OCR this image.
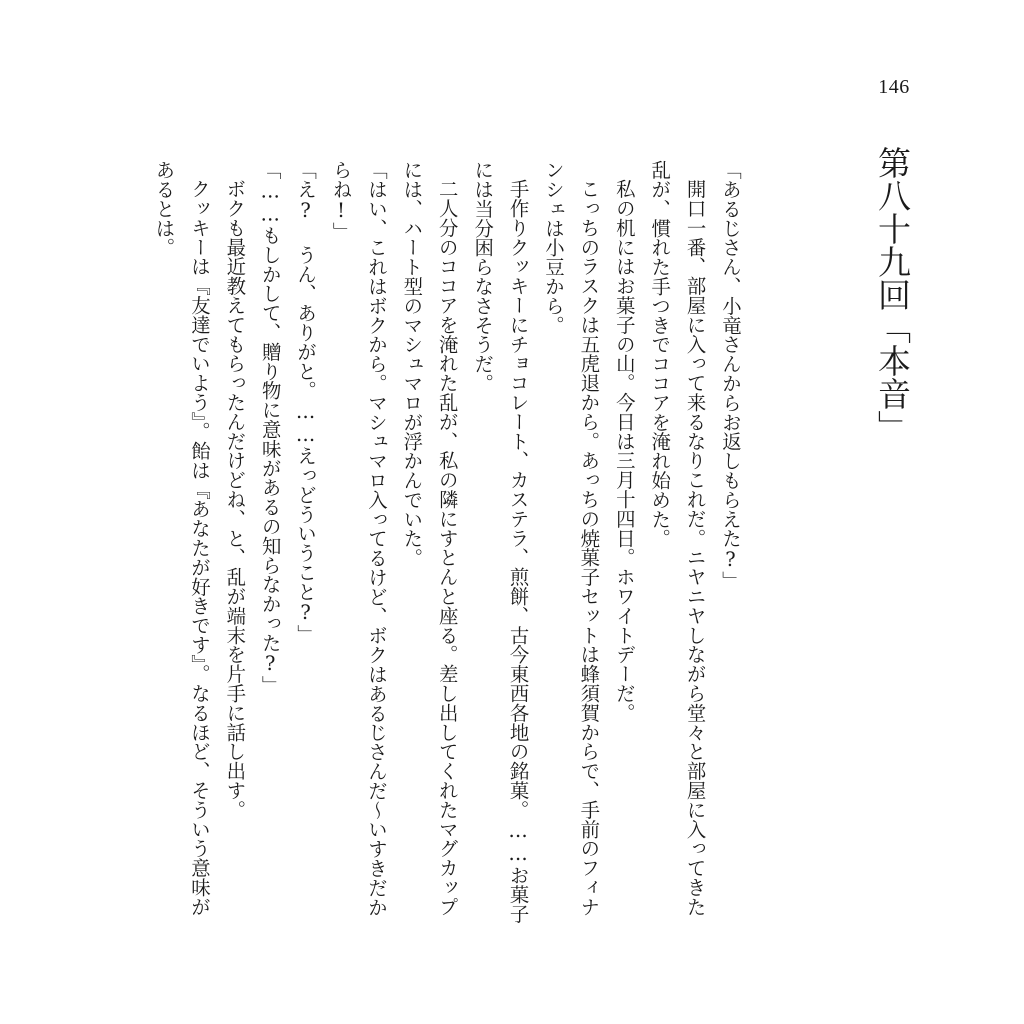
146
第八十九回「本音」

「あるじさん、小竜さんからお返しもらえた?」

開口一番、部屋に入って来るなりこれだ。ニヤニヤしながら堂々と部屋に入ってきた乱が、慣れた手つきでココアを淹れ始めた。

私の机にはお菓子の山。今日は三月十四日。ホワイトデーだ。

こっちのラスクは五虎退から。あっちの焼菓子セットは蜂須賀からで、手前のフィナンシェは小豆から。

手作りクッキーにチョコレート、カステラ、煎餅、古今東西各地の銘菓。……お菓子には当分困らなさそうだ。

二人分のココアを淹れた乱が、私の隣にすとんと座る。差し出してくれたマグカップには、ハート型のマシュマロが浮かんでいた。

「はい、これはボクから。マシュマロ入ってるけど、ボクはあるじさんだ〜いすきだからね!」

「え? うん、ありがと。……えっどういうこと?」

「……もしかして、贈り物に意味があるの知らなかった?」

ボクも最近教えてもらったんだけどね、と、乱が端末を片手に話し出す。

クッキーは『友達でいよう』。飴は『あなたが好きです』。なるほど、そういう意味があるとは。
